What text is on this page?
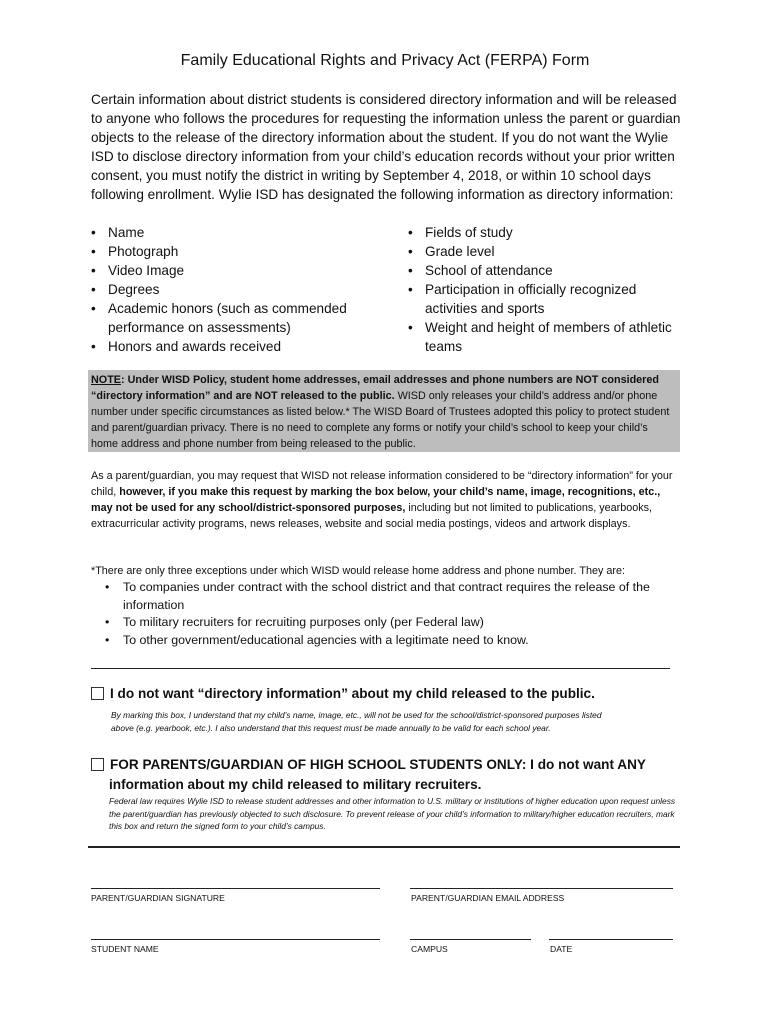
Family Educational Rights and Privacy Act (FERPA) Form
Certain information about district students is considered directory information and will be released to anyone who follows the procedures for requesting the information unless the parent or guardian objects to the release of the directory information about the student. If you do not want the Wylie ISD to disclose directory information from your child’s education records without your prior written consent, you must notify the district in writing by September 4, 2018, or within 10 school days following enrollment. Wylie ISD has designated the following information as directory information:
• Name
• Photograph
• Video Image
• Degrees
• Academic honors (such as commended performance on assessments)
• Honors and awards received
• Fields of study
• Grade level
• School of attendance
• Participation in officially recognized activities and sports
• Weight and height of members of athletic teams
NOTE: Under WISD Policy, student home addresses, email addresses and phone numbers are NOT considered “directory information” and are NOT released to the public. WISD only releases your child’s address and/or phone number under specific circumstances as listed below.* The WISD Board of Trustees adopted this policy to protect student and parent/guardian privacy. There is no need to complete any forms or notify your child’s school to keep your child’s home address and phone number from being released to the public.
As a parent/guardian, you may request that WISD not release information considered to be “directory information” for your child, however, if you make this request by marking the box below, your child’s name, image, recognitions, etc., may not be used for any school/district-sponsored purposes, including but not limited to publications, yearbooks, extracurricular activity programs, news releases, website and social media postings, videos and artwork displays.
*There are only three exceptions under which WISD would release home address and phone number. They are:
• To companies under contract with the school district and that contract requires the release of the information
• To military recruiters for recruiting purposes only (per Federal law)
• To other government/educational agencies with a legitimate need to know.
I do not want “directory information” about my child released to the public.
By marking this box, I understand that my child’s name, image, etc., will not be used for the school/district-sponsored purposes listed above (e.g. yearbook, etc.). I also understand that this request must be made annually to be valid for each school year.
FOR PARENTS/GUARDIAN OF HIGH SCHOOL STUDENTS ONLY: I do not want ANY
information about my child released to military recruiters.
Federal law requires Wylie ISD to release student addresses and other information to U.S. military or institutions of higher education upon request unless the parent/guardian has previously objected to such disclosure. To prevent release of your child’s information to military/higher education recruiters, mark this box and return the signed form to your child’s campus.
PARENT/GUARDIAN SIGNATURE	PARENT/GUARDIAN EMAIL ADDRESS
STUDENT NAME	CAMPUS	DATE
